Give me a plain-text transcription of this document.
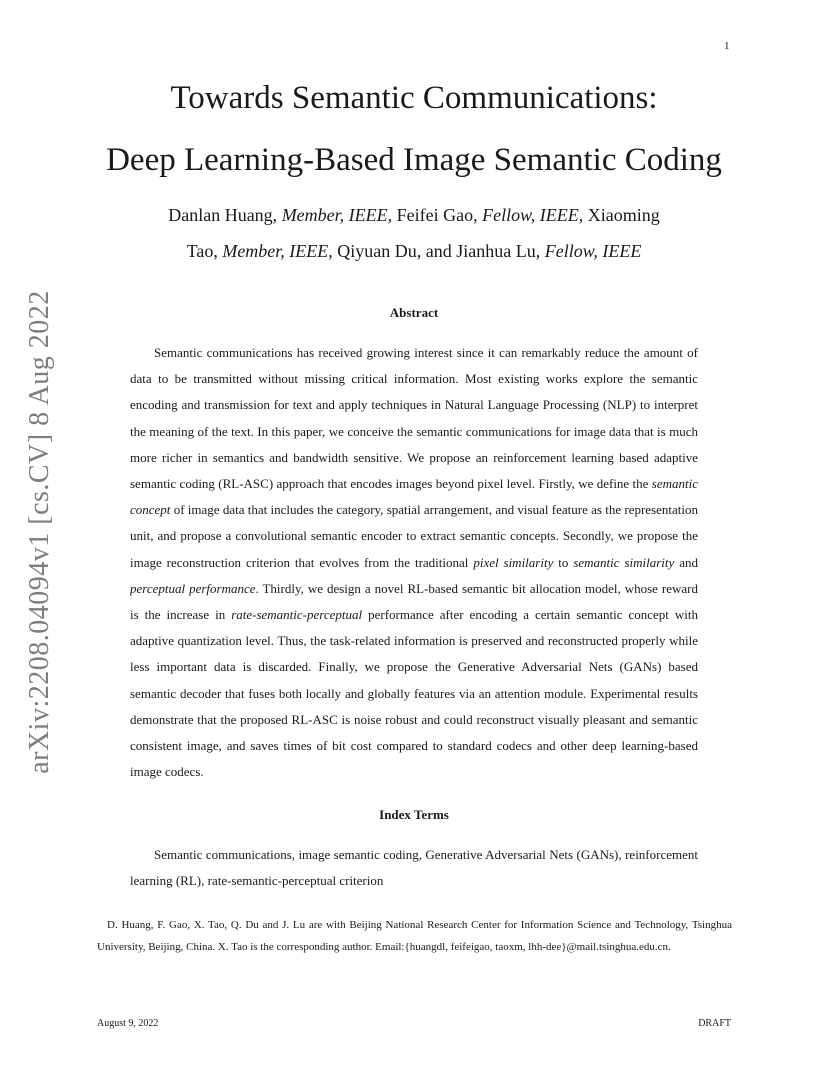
1
arXiv:2208.04094v1 [cs.CV] 8 Aug 2022
Towards Semantic Communications:
Deep Learning-Based Image Semantic Coding
Danlan Huang, Member, IEEE, Feifei Gao, Fellow, IEEE, Xiaoming
Tao, Member, IEEE, Qiyuan Du, and Jianhua Lu, Fellow, IEEE
Abstract
Semantic communications has received growing interest since it can remarkably reduce the amount of data to be transmitted without missing critical information. Most existing works explore the semantic encoding and transmission for text and apply techniques in Natural Language Processing (NLP) to interpret the meaning of the text. In this paper, we conceive the semantic communications for image data that is much more richer in semantics and bandwidth sensitive. We propose an reinforcement learning based adaptive semantic coding (RL-ASC) approach that encodes images beyond pixel level. Firstly, we define the semantic concept of image data that includes the category, spatial arrangement, and visual feature as the representation unit, and propose a convolutional semantic encoder to extract semantic concepts. Secondly, we propose the image reconstruction criterion that evolves from the traditional pixel similarity to semantic similarity and perceptual performance. Thirdly, we design a novel RL-based semantic bit allocation model, whose reward is the increase in rate-semantic-perceptual performance after encoding a certain semantic concept with adaptive quantization level. Thus, the task-related information is preserved and reconstructed properly while less important data is discarded. Finally, we propose the Generative Adversarial Nets (GANs) based semantic decoder that fuses both locally and globally features via an attention module. Experimental results demonstrate that the proposed RL-ASC is noise robust and could reconstruct visually pleasant and semantic consistent image, and saves times of bit cost compared to standard codecs and other deep learning-based image codecs.
Index Terms
Semantic communications, image semantic coding, Generative Adversarial Nets (GANs), reinforcement learning (RL), rate-semantic-perceptual criterion
D. Huang, F. Gao, X. Tao, Q. Du and J. Lu are with Beijing National Research Center for Information Science and Technology, Tsinghua University, Beijing, China. X. Tao is the corresponding author. Email:{huangdl, feifeigao, taoxm, lhh-dee}@mail.tsinghua.edu.cn.
August 9, 2022	DRAFT
